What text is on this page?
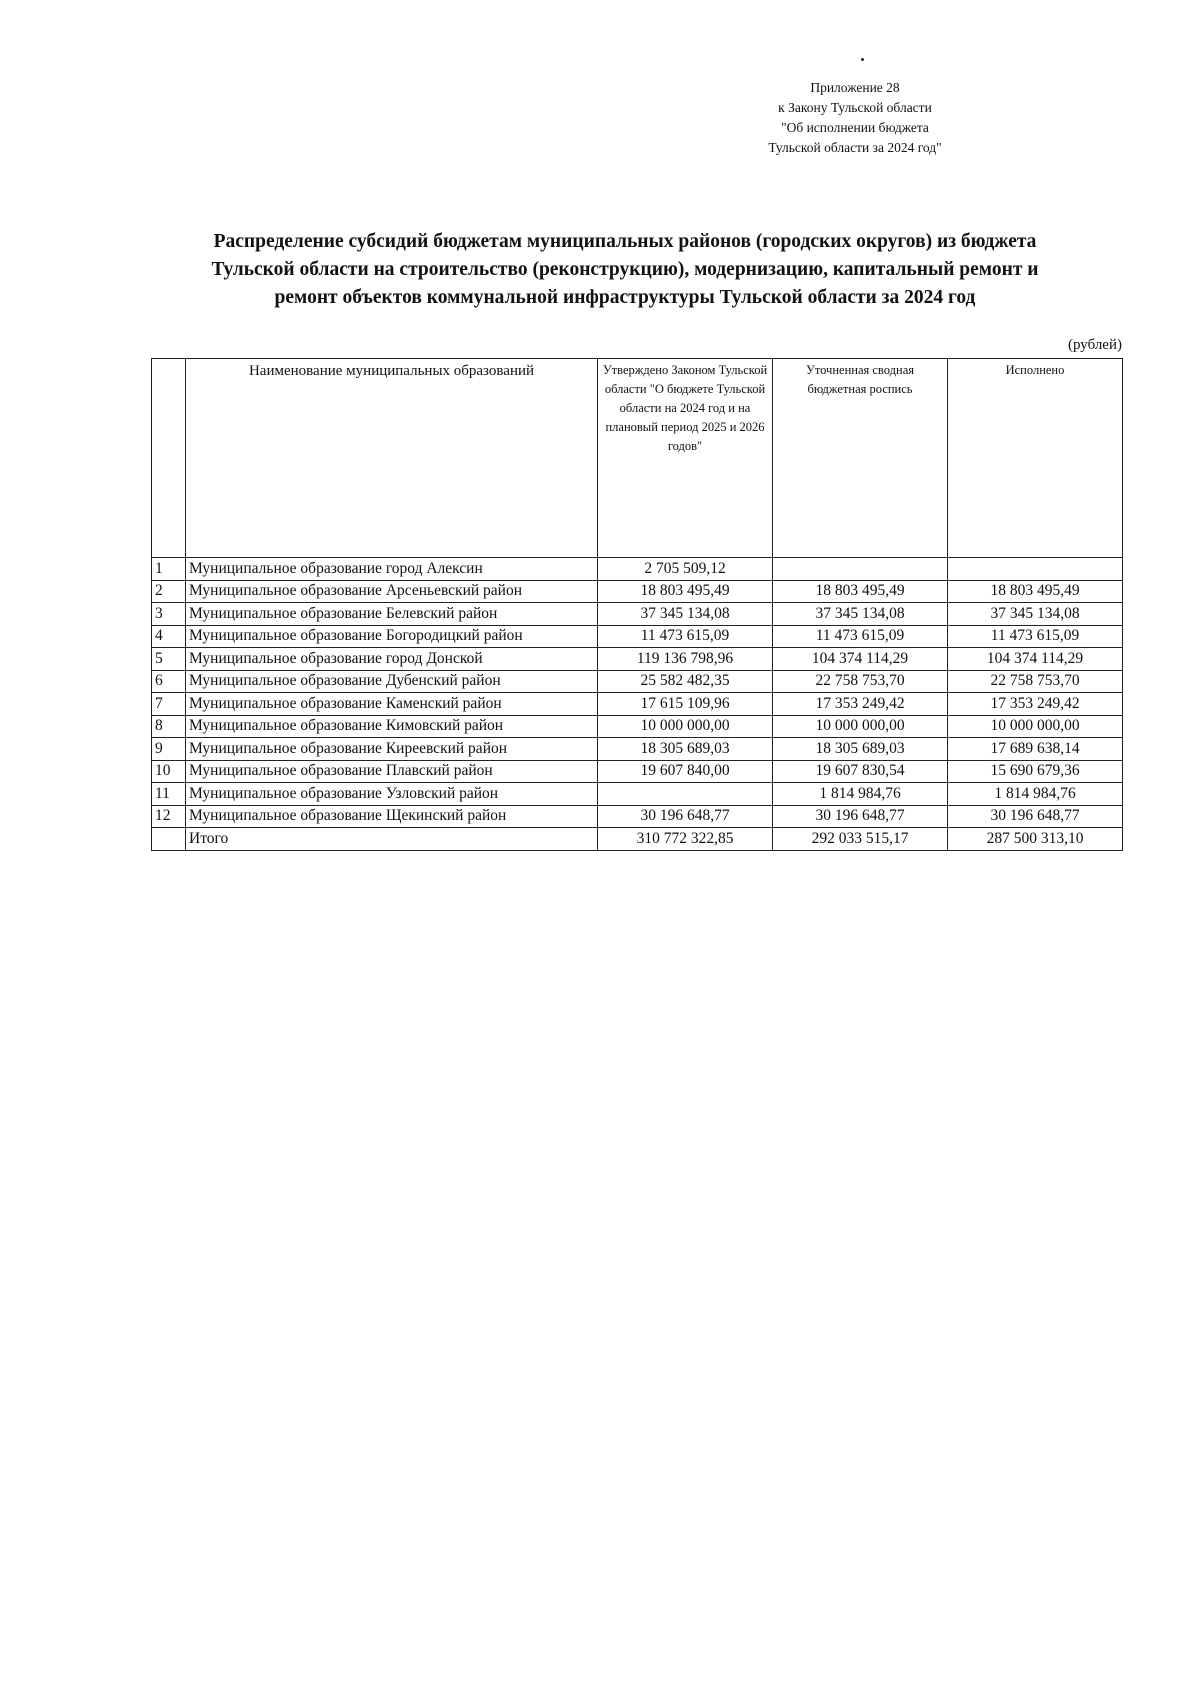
Приложение 28
к Закону Тульской области
"Об исполнении бюджета
Тульской области за 2024 год"
Распределение субсидий бюджетам муниципальных районов (городских округов) из бюджета
Тульской области на строительство (реконструкцию), модернизацию, капитальный ремонт и
ремонт объектов коммунальной инфраструктуры Тульской области за 2024 год
(рублей)
	Наименование муниципальных образований	Утверждено Законом Тульской области "О бюджете Тульской области на 2024 год и на плановый период 2025 и 2026 годов"	Уточненная сводная бюджетная роспись	Исполнено
1	Муниципальное образование город Алексин	2 705 509,12		
2	Муниципальное образование Арсеньевский район	18 803 495,49	18 803 495,49	18 803 495,49
3	Муниципальное образование Белевский район	37 345 134,08	37 345 134,08	37 345 134,08
4	Муниципальное образование Богородицкий район	11 473 615,09	11 473 615,09	11 473 615,09
5	Муниципальное образование город Донской	119 136 798,96	104 374 114,29	104 374 114,29
6	Муниципальное образование Дубенский район	25 582 482,35	22 758 753,70	22 758 753,70
7	Муниципальное образование Каменский район	17 615 109,96	17 353 249,42	17 353 249,42
8	Муниципальное образование Кимовский район	10 000 000,00	10 000 000,00	10 000 000,00
9	Муниципальное образование Киреевский район	18 305 689,03	18 305 689,03	17 689 638,14
10	Муниципальное образование Плавский район	19 607 840,00	19 607 830,54	15 690 679,36
11	Муниципальное образование Узловский район		1 814 984,76	1 814 984,76
12	Муниципальное образование Щекинский район	30 196 648,77	30 196 648,77	30 196 648,77
	Итого	310 772 322,85	292 033 515,17	287 500 313,10
